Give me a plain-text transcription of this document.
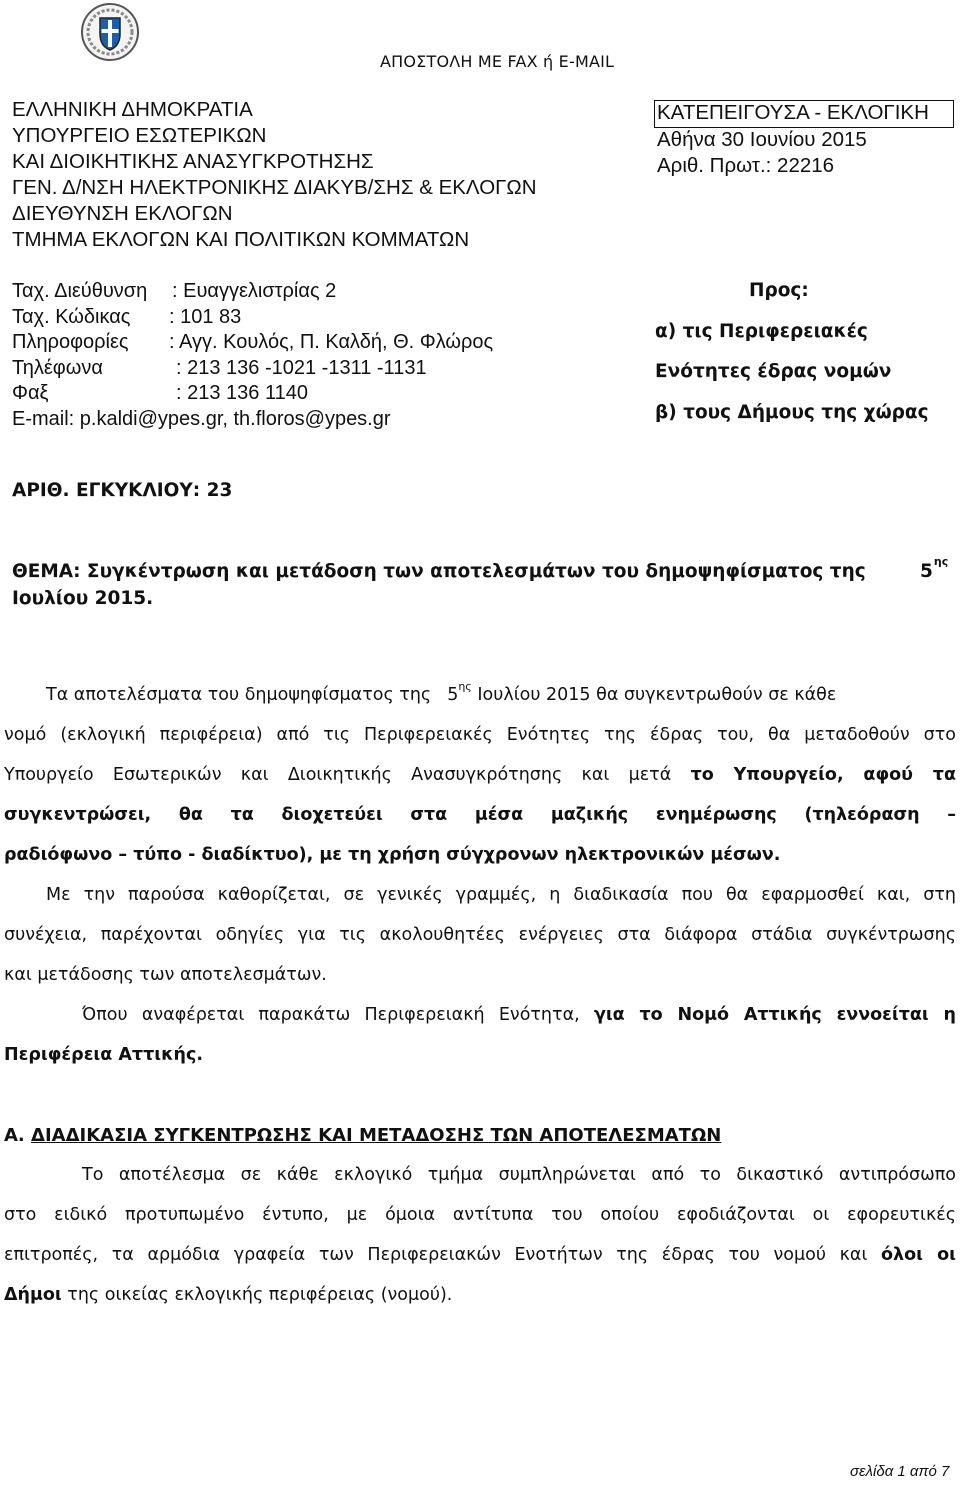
ΑΠΟΣΤΟΛΗ ΜΕ FAX ή E-MAIL
ΕΛΛΗΝΙΚΗ ΔΗΜΟΚΡΑΤΙΑ
ΥΠΟΥΡΓΕΙΟ ΕΣΩΤΕΡΙΚΩΝ
ΚΑΙ ΔΙΟΙΚΗΤΙΚΗΣ ΑΝΑΣΥΓΚΡΟΤΗΣΗΣ
ΓΕΝ. Δ/ΝΣΗ ΗΛΕΚΤΡΟΝΙΚΗΣ ΔΙΑΚΥΒ/ΣΗΣ & ΕΚΛΟΓΩΝ
ΔΙΕΥΘΥΝΣΗ ΕΚΛΟΓΩΝ
ΤΜΗΜΑ ΕΚΛΟΓΩΝ ΚΑΙ ΠΟΛΙΤΙΚΩΝ ΚΟΜΜΑΤΩΝ
ΚΑΤΕΠΕΙΓΟΥΣΑ - ΕΚΛΟΓΙΚΗ
Αθήνα 30 Ιουνίου 2015
Αριθ. Πρωτ.: 22216
Ταχ. Διεύθυνση : Ευαγγελιστρίας 2
Ταχ. Κώδικας : 101 83
Πληροφορίες : Αγγ. Κουλός, Π. Καλδή, Θ. Φλώρος
Τηλέφωνα	: 213 136 -1021 -1311 -1131
Φαξ	: 213 136 1140
E-mail: p.kaldi@ypes.gr, th.floros@ypes.gr
Προς:
α) τις Περιφερειακές
Ενότητες έδρας νομών
β) τους Δήμους της χώρας
ΑΡΙΘ. ΕΓΚΥΚΛΙΟΥ: 23
ΘΕΜΑ: Συγκέντρωση και μετάδοση των αποτελεσμάτων του δημοψηφίσματος της	$5^{\eta\varsigma}$
Ιουλίου 2015.
Τα αποτελέσματα του δημοψηφίσματος της $5^{\eta\varsigma}$ Ιουλίου 2015 θα συγκεντρωθούν σε κάθε
νομό (εκλογική περιφέρεια) από τις Περιφερειακές Ενότητες της έδρας του, θα μεταδοθούν στο
Υπουργείο Εσωτερικών και Διοικητικής Ανασυγκρότησης και μετά το Υπουργείο, αφού τα
συγκεντρώσει, θα τα διοχετεύει στα μέσα μαζικής ενημέρωσης (τηλεόραση –
ραδιόφωνο – τύπο - διαδίκτυο), με τη χρήση σύγχρονων ηλεκτρονικών μέσων.
Με την παρούσα καθορίζεται, σε γενικές γραμμές, η διαδικασία που θα εφαρμοσθεί και, στη
συνέχεια, παρέχονται οδηγίες για τις ακολουθητέες ενέργειες στα διάφορα στάδια συγκέντρωσης
και μετάδοσης των αποτελεσμάτων.
Όπου αναφέρεται παρακάτω Περιφερειακή Ενότητα, για το Νομό Αττικής εννοείται η
Περιφέρεια Αττικής.
Α. ΔΙΑΔΙΚΑΣΙΑ ΣΥΓΚΕΝΤΡΩΣΗΣ ΚΑΙ ΜΕΤΑΔΟΣΗΣ ΤΩΝ ΑΠΟΤΕΛΕΣΜΑΤΩΝ
Το αποτέλεσμα σε κάθε εκλογικό τμήμα συμπληρώνεται από το δικαστικό αντιπρόσωπο
στο ειδικό προτυπωμένο έντυπο, με όμοια αντίτυπα του οποίου εφοδιάζονται οι εφορευτικές
επιτροπές, τα αρμόδια γραφεία των Περιφερειακών Ενοτήτων της έδρας του νομού και όλοι οι
Δήμοι της οικείας εκλογικής περιφέρειας (νομού).
σελίδα 1 από 7
